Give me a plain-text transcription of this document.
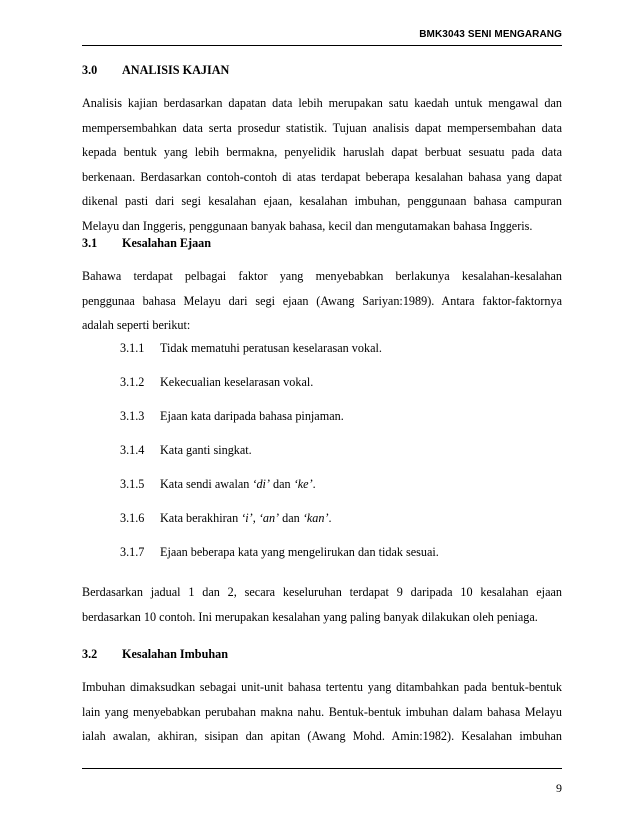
BMK3043 SENI MENGARANG
3.0 ANALISIS KAJIAN
Analisis kajian berdasarkan dapatan data lebih merupakan satu kaedah untuk mengawal dan
mempersembahkan data serta prosedur statistik. Tujuan analisis dapat mempersembahan data
kepada bentuk yang lebih bermakna, penyelidik haruslah dapat berbuat sesuatu pada data
berkenaan. Berdasarkan contoh-contoh di atas terdapat beberapa kesalahan bahasa yang dapat
dikenal pasti dari segi kesalahan ejaan, kesalahan imbuhan, penggunaan bahasa campuran
Melayu dan Inggeris, penggunaan banyak bahasa, kecil dan mengutamakan bahasa Inggeris.
3.1 Kesalahan Ejaan
Bahawa terdapat pelbagai faktor yang menyebabkan berlakunya kesalahan-kesalahan
penggunaa bahasa Melayu dari segi ejaan (Awang Sariyan:1989). Antara faktor-faktornya
adalah seperti berikut:
3.1.1 Tidak mematuhi peratusan keselarasan vokal.
3.1.2 Kekecualian keselarasan vokal.
3.1.3 Ejaan kata daripada bahasa pinjaman.
3.1.4 Kata ganti singkat.
3.1.5 Kata sendi awalan ‘di’ dan ‘ke’.
3.1.6 Kata berakhiran ‘i’, ‘an’ dan ‘kan’.
3.1.7 Ejaan beberapa kata yang mengelirukan dan tidak sesuai.
Berdasarkan jadual 1 dan 2, secara keseluruhan terdapat 9 daripada 10 kesalahan ejaan
berdasarkan 10 contoh. Ini merupakan kesalahan yang paling banyak dilakukan oleh peniaga.
3.2 Kesalahan Imbuhan
Imbuhan dimaksudkan sebagai unit-unit bahasa tertentu yang ditambahkan pada bentuk-bentuk
lain yang menyebabkan perubahan makna nahu. Bentuk-bentuk imbuhan dalam bahasa Melayu
ialah awalan, akhiran, sisipan dan apitan (Awang Mohd. Amin:1982). Kesalahan imbuhan
9
